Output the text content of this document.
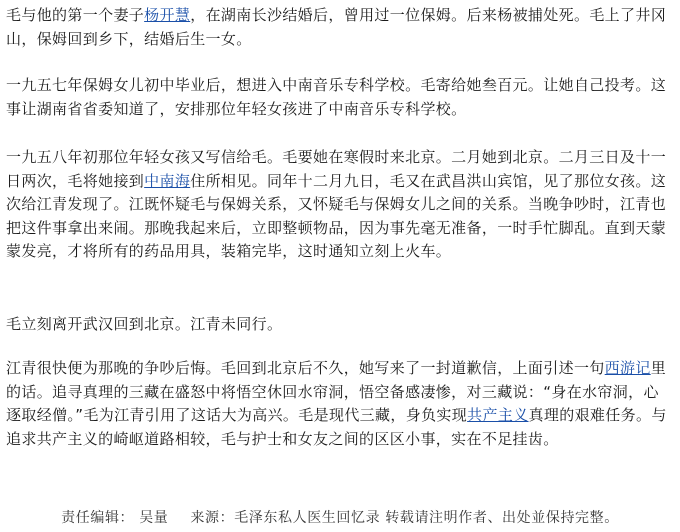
毛与他的第一个妻子杨开慧，在湖南长沙结婚后，曾用过一位保姆。后来杨被捕处死。毛上了井冈山，保姆回到乡下，结婚后生一女。

一九五七年保姆女儿初中毕业后，想进入中南音乐专科学校。毛寄给她叁百元。让她自己投考。这事让湖南省省委知道了，安排那位年轻女孩进了中南音乐专科学校。

一九五八年初那位年轻女孩又写信给毛。毛要她在寒假时来北京。二月她到北京。二月三日及十一日两次，毛将她接到中南海住所相见。同年十二月九日，毛又在武昌洪山宾馆，见了那位女孩。这次给江青发现了。江既怀疑毛与保姆关系，又怀疑毛与保姆女儿之间的关系。当晚争吵时，江青也把这件事拿出来闹。那晚我起来后，立即整顿物品，因为事先毫无准备，一时手忙脚乱。直到天蒙蒙发亮，才将所有的药品用具，装箱完毕，这时通知立刻上火车。

毛立刻离开武汉回到北京。江青未同行。

江青很快便为那晚的争吵后悔。毛回到北京后不久，她写来了一封道歉信，上面引述一句西游记里的话。追寻真理的三藏在盛怒中将悟空休回水帘洞，悟空备感凄惨，对三藏说：“身在水帘洞，心逐取经僧。”毛为江青引用了这话大为高兴。毛是现代三藏，身负实现共产主义真理的艰难任务。与追求共产主义的崎岖道路相较，毛与护士和女友之间的区区小事，实在不足挂齿。

责任编辑： 吴量 来源：毛泽东私人医生回忆录 转载请注明作者、出处並保持完整。
